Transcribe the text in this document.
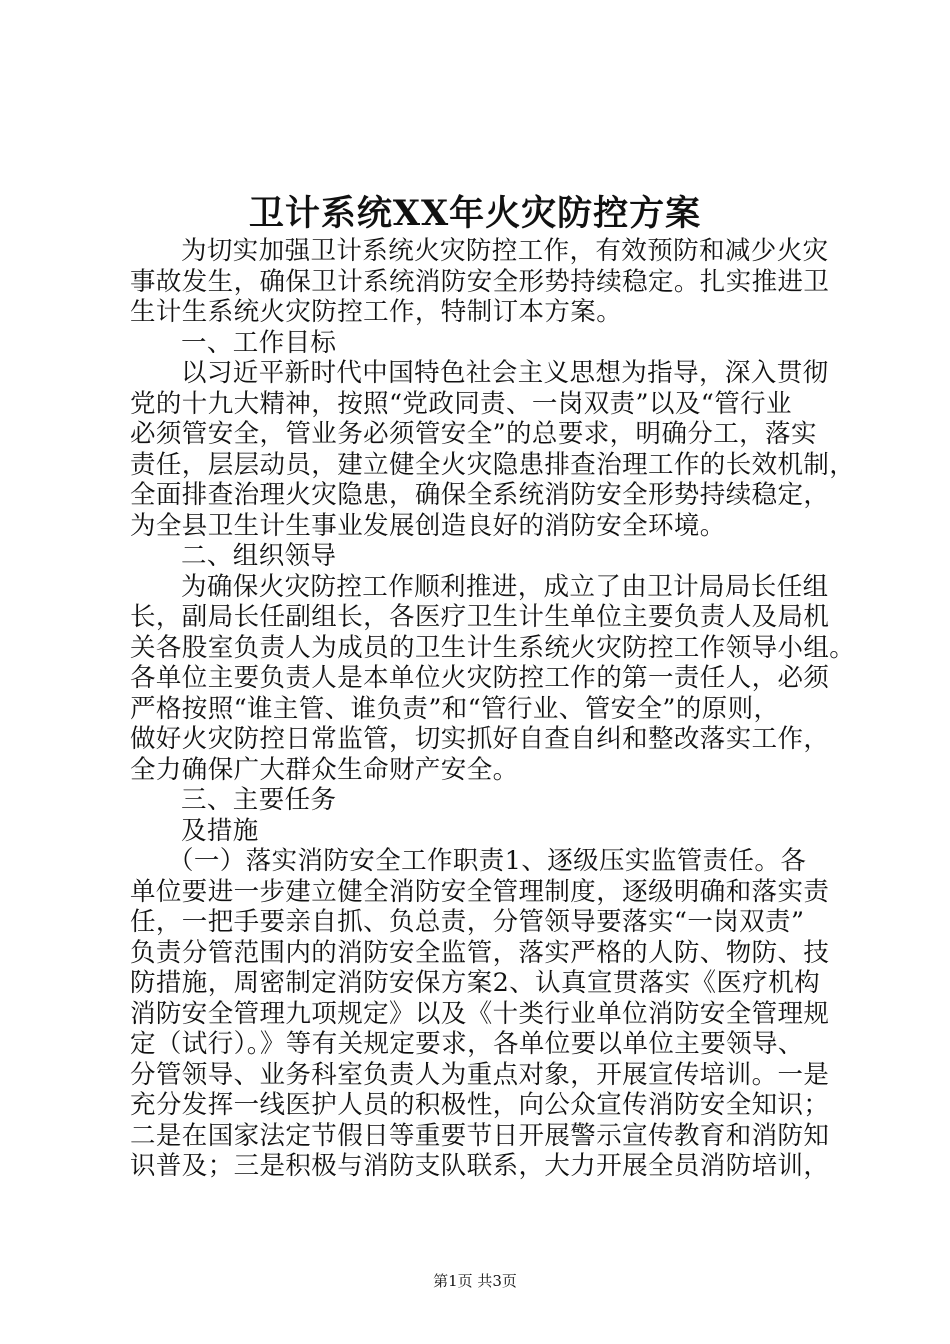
卫计系统XX年火灾防控方案
为切实加强卫计系统火灾防控工作，有效预防和减少火灾
事故发生，确保卫计系统消防安全形势持续稳定。扎实推进卫
生计生系统火灾防控工作，特制订本方案。
一、工作目标
以习近平新时代中国特色社会主义思想为指导，深入贯彻
党的十九大精神，按照“党政同责、一岗双责”以及“管行业
必须管安全，管业务必须管安全”的总要求，明确分工，落实
责任，层层动员，建立健全火灾隐患排查治理工作的长效机制，
全面排查治理火灾隐患，确保全系统消防安全形势持续稳定，
为全县卫生计生事业发展创造良好的消防安全环境。
二、组织领导
为确保火灾防控工作顺利推进，成立了由卫计局局长任组
长，副局长任副组长，各医疗卫生计生单位主要负责人及局机
关各股室负责人为成员的卫生计生系统火灾防控工作领导小组。
各单位主要负责人是本单位火灾防控工作的第一责任人，必须
严格按照“谁主管、谁负责”和“管行业、管安全”的原则，
做好火灾防控日常监管，切实抓好自查自纠和整改落实工作，
全力确保广大群众生命财产安全。
三、主要任务
及措施
（一）落实消防安全工作职责1、逐级压实监管责任。各
单位要进一步建立健全消防安全管理制度，逐级明确和落实责
任，一把手要亲自抓、负总责，分管领导要落实“一岗双责”
负责分管范围内的消防安全监管，落实严格的人防、物防、技
防措施，周密制定消防安保方案2、认真宣贯落实《医疗机构
消防安全管理九项规定》以及《十类行业单位消防安全管理规
定（试行）。》等有关规定要求，各单位要以单位主要领导、
分管领导、业务科室负责人为重点对象，开展宣传培训。一是
充分发挥一线医护人员的积极性，向公众宣传消防安全知识；
二是在国家法定节假日等重要节日开展警示宣传教育和消防知
识普及；三是积极与消防支队联系，大力开展全员消防培训，
第1页 共3页
